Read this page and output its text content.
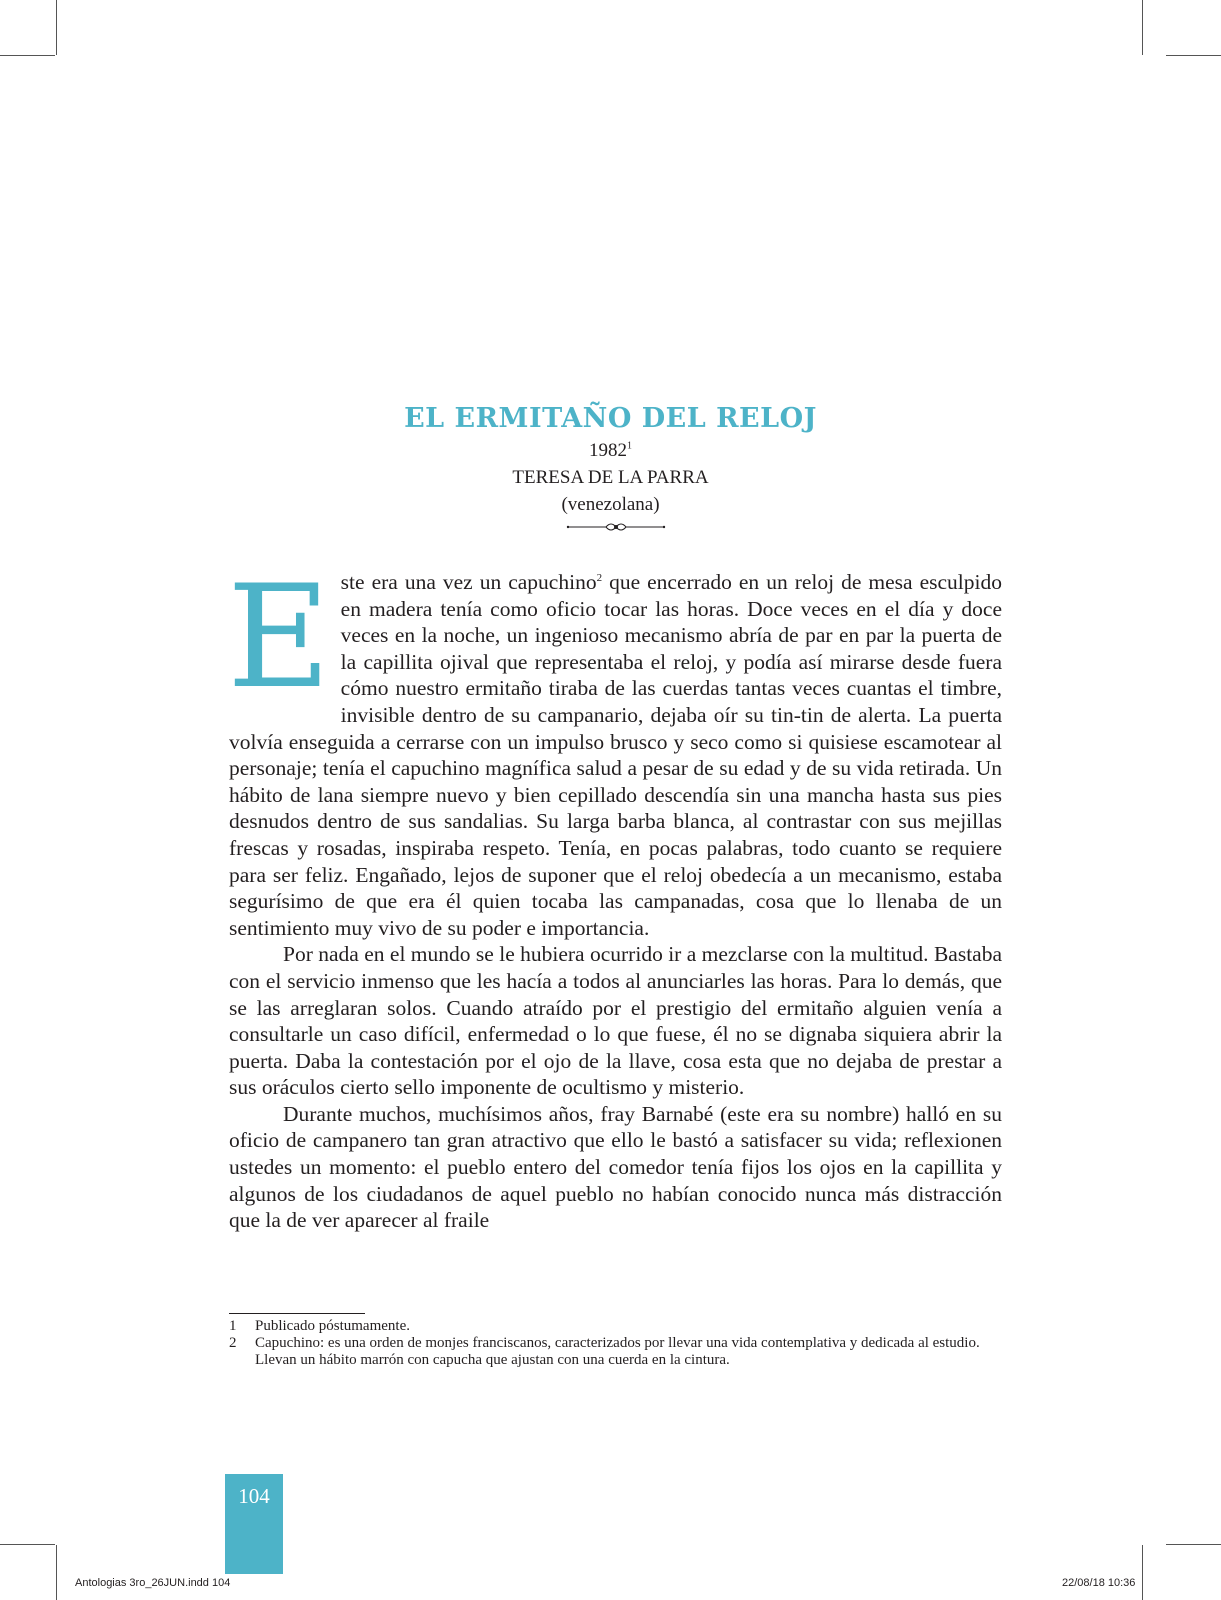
EL ERMITAÑO DEL RELOJ
1982$^1$
TERESA DE LA PARRA
(venezolana)

Este era una vez un capuchino$^2$ que encerrado en un reloj de mesa esculpido en madera tenía como oficio tocar las horas. Doce veces en el día y doce veces en la noche, un ingenioso mecanismo abría de par en par la puerta de la capillita ojival que representaba el reloj, y podía así mirarse desde fuera cómo nuestro ermitaño tiraba de las cuerdas tantas veces cuantas el timbre, invisible dentro de su campanario, dejaba oír su tin-tin de alerta. La puerta volvía enseguida a cerrarse con un impulso brusco y seco como si quisiese escamotear al personaje; tenía el capuchino magnífica salud a pesar de su edad y de su vida retirada. Un hábito de lana siempre nuevo y bien cepillado descendía sin una mancha hasta sus pies desnudos dentro de sus sandalias. Su larga barba blanca, al contrastar con sus mejillas frescas y rosadas, inspiraba respeto. Tenía, en pocas palabras, todo cuanto se requiere para ser feliz. Engañado, lejos de suponer que el reloj obedecía a un mecanismo, estaba segurísimo de que era él quien tocaba las campanadas, cosa que lo llenaba de un sentimiento muy vivo de su poder e importancia.

Por nada en el mundo se le hubiera ocurrido ir a mezclarse con la multitud. Bastaba con el servicio inmenso que les hacía a todos al anunciarles las horas. Para lo demás, que se las arreglaran solos. Cuando atraído por el prestigio del ermitaño alguien venía a consultarle un caso difícil, enfermedad o lo que fuese, él no se dignaba siquiera abrir la puerta. Daba la contestación por el ojo de la llave, cosa esta que no dejaba de prestar a sus oráculos cierto sello imponente de ocultismo y misterio.

Durante muchos, muchísimos años, fray Barnabé (este era su nombre) halló en su oficio de campanero tan gran atractivo que ello le bastó a satisfacer su vida; reflexionen ustedes un momento: el pueblo entero del comedor tenía fijos los ojos en la capillita y algunos de los ciudadanos de aquel pueblo no habían conocido nunca más distracción que la de ver aparecer al fraile

1	Publicado póstumamente.
2	Capuchino: es una orden de monjes franciscanos, caracterizados por llevar una vida contemplativa y dedicada al estudio. Llevan un hábito marrón con capucha que ajustan con una cuerda en la cintura.
104
Antologias 3ro_26JUN.indd 104	22/08/18 10:36
